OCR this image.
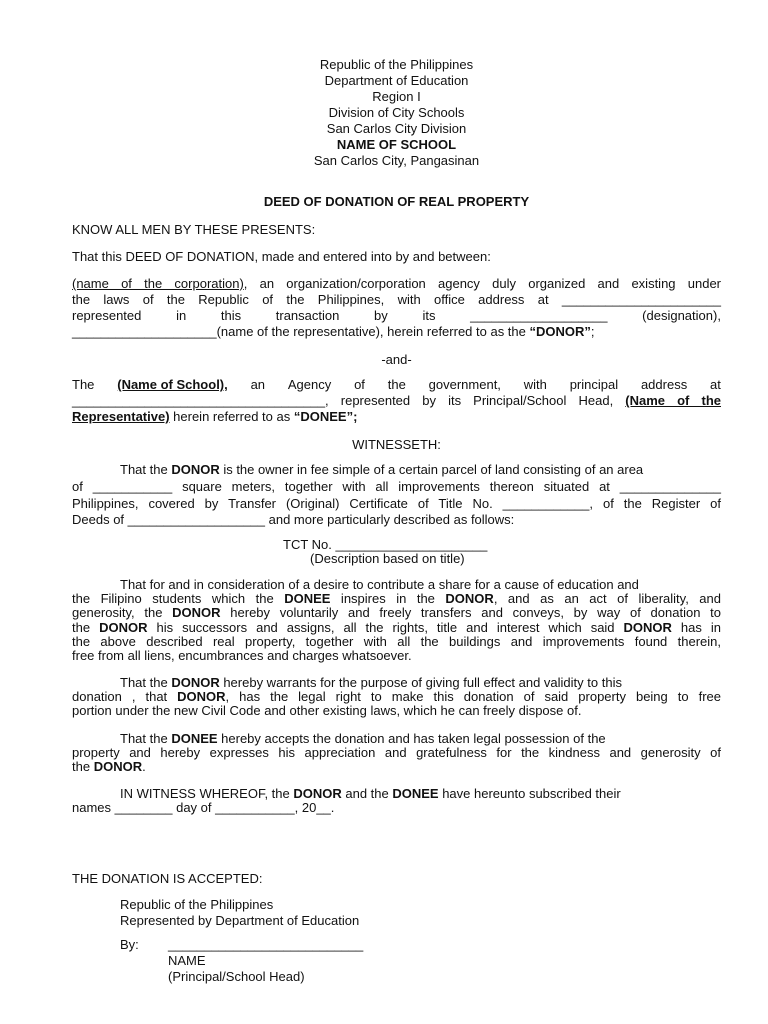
Republic of the Philippines
Department of Education
Region I
Division of City Schools
San Carlos City Division
NAME OF SCHOOL
San Carlos City, Pangasinan
DEED OF DONATION OF REAL PROPERTY
KNOW ALL MEN BY THESE PRESENTS:
That this DEED OF DONATION, made and entered into by and between:
(name of the corporation), an organization/corporation agency duly organized and existing under
the laws of the Republic of the Philippines, with office address at ______________________
represented	in	this	transaction	by	its	___________________	(designation),
____________________(name of the representative), herein referred to as the “DONOR”;
-and-
The (Name of School), an Agency of the government, with principal address at
___________________________________, represented by its Principal/School Head, (Name of the
Representative) herein referred to as “DONEE”;
WITNESSETH:

That the DONOR is the owner in fee simple of a certain parcel of land consisting of an area

of ___________ square meters, together with all improvements thereon situated at ______________

Philippines, covered by Transfer (Original) Certificate of Title No. ____________, of the Register of

Deeds of ___________________ and more particularly described as follows:

TCT No. _____________________
(Description based on title)

That for and in consideration of a desire to contribute a share for a cause of education and

the Filipino students which the DONEE inspires in the DONOR, and as an act of liberality, and

generosity, the DONOR hereby voluntarily and freely transfers and conveys, by way of donation to

the DONOR his successors and assigns, all the rights, title and interest which said DONOR has in

the above described real property, together with all the buildings and improvements found therein,

free from all liens, encumbrances and charges whatsoever.

That the DONOR hereby warrants for the purpose of giving full effect and validity to this

donation , that DONOR, has the legal right to make this donation of said property being to free

portion under the new Civil Code and other existing laws, which he can freely dispose of.

That the DONEE hereby accepts the donation and has taken legal possession of the

property and hereby expresses his appreciation and gratefulness for the kindness and generosity of

the DONOR.

IN WITNESS WHEREOF, the DONOR and the DONEE have hereunto subscribed their

names ________ day of ___________, 20__.

THE DONATION IS ACCEPTED:
Republic of the Philippines
Represented by Department of Education
By: ___________________________
NAME
(Principal/School Head)
